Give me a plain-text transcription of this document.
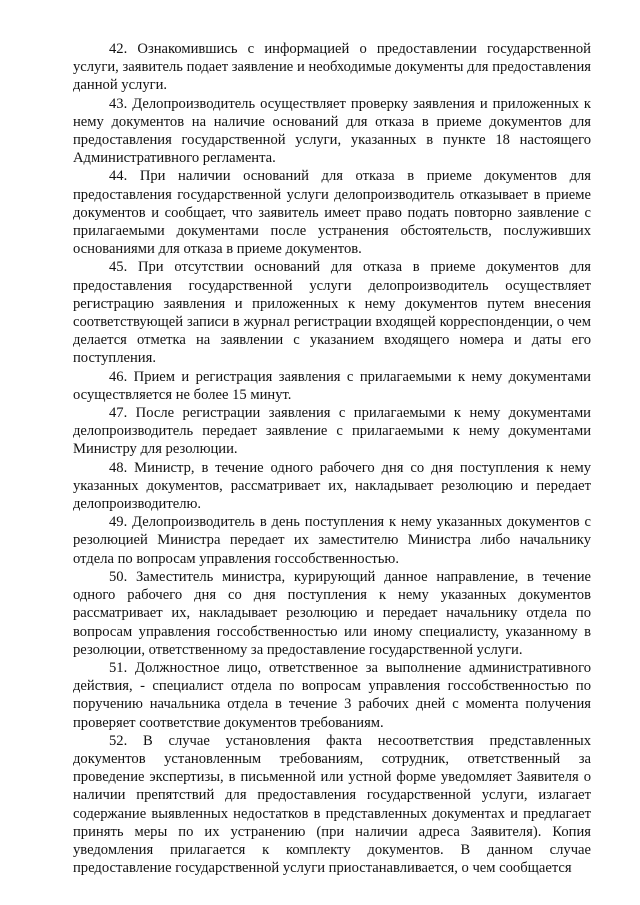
42. Ознакомившись с информацией о предоставлении государственной услуги, заявитель подает заявление и необходимые документы для предоставления данной услуги.

43. Делопроизводитель осуществляет проверку заявления и приложенных к нему документов на наличие оснований для отказа в приеме документов для предоставления государственной услуги, указанных в пункте 18 настоящего Административного регламента.

44. При наличии оснований для отказа в приеме документов для предоставления государственной услуги делопроизводитель отказывает в приеме документов и сообщает, что заявитель имеет право подать повторно заявление с прилагаемыми документами после устранения обстоятельств, послуживших основаниями для отказа в приеме документов.

45. При отсутствии оснований для отказа в приеме документов для предоставления государственной услуги делопроизводитель осуществляет регистрацию заявления и приложенных к нему документов путем внесения соответствующей записи в журнал регистрации входящей корреспонденции, о чем делается отметка на заявлении с указанием входящего номера и даты его поступления.

46. Прием и регистрация заявления с прилагаемыми к нему документами осуществляется не более 15 минут.

47. После регистрации заявления с прилагаемыми к нему документами делопроизводитель передает заявление с прилагаемыми к нему документами Министру для резолюции.

48. Министр, в течение одного рабочего дня со дня поступления к нему указанных документов, рассматривает их, накладывает резолюцию и передает делопроизводителю.

49. Делопроизводитель в день поступления к нему указанных документов с резолюцией Министра передает их заместителю Министра либо начальнику отдела по вопросам управления госсобственностью.

50. Заместитель министра, курирующий данное направление, в течение одного рабочего дня со дня поступления к нему указанных документов рассматривает их, накладывает резолюцию и передает начальнику отдела по вопросам управления госсобственностью или иному специалисту, указанному в резолюции, ответственному за предоставление государственной услуги.

51. Должностное лицо, ответственное за выполнение административного действия, - специалист отдела по вопросам управления госсобственностью по поручению начальника отдела в течение 3 рабочих дней с момента получения проверяет соответствие документов требованиям.

52. В случае установления факта несоответствия представленных документов установленным требованиям, сотрудник, ответственный за проведение экспертизы, в письменной или устной форме уведомляет Заявителя о наличии препятствий для предоставления государственной услуги, излагает содержание выявленных недостатков в представленных документах и предлагает принять меры по их устранению (при наличии адреса Заявителя). Копия уведомления прилагается к комплекту документов. В данном случае предоставление государственной услуги приостанавливается, о чем сообщается
